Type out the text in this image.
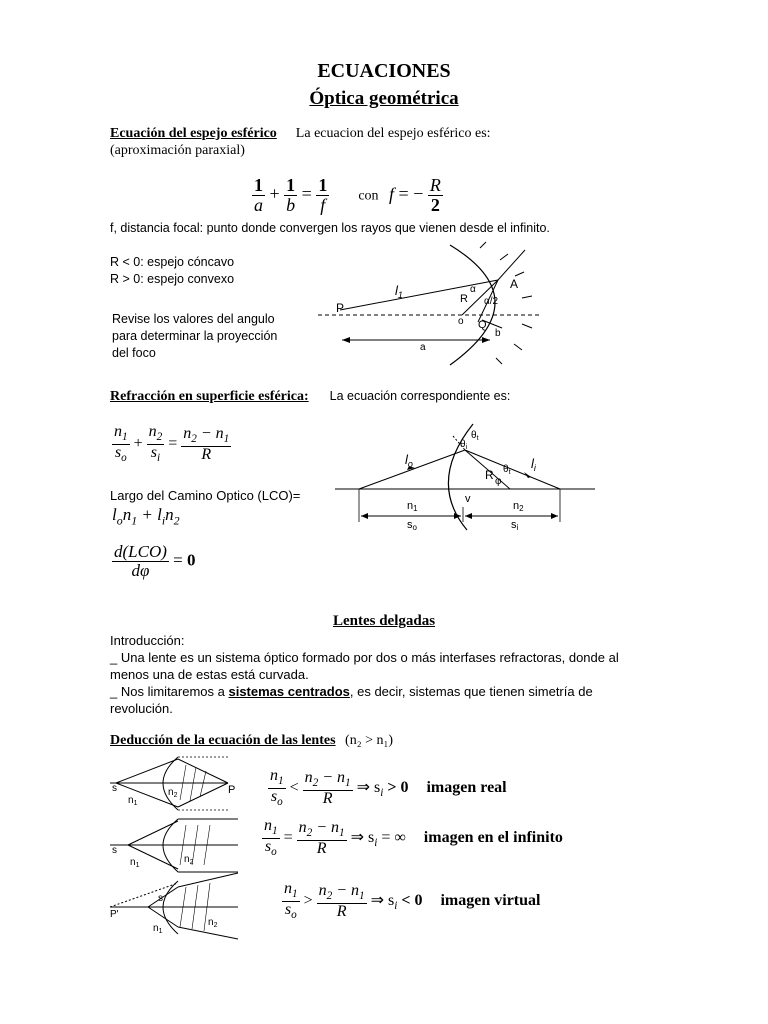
ECUACIONES
Óptica geométrica
Ecuación del espejo esférico La ecuacion del espejo esférico es:
(aproximación paraxial)
$\frac{1}{a} + \frac{1}{b} = \frac{1}{f}$ con f = − $\frac{R}{2}$
f, distancia focal: punto donde convergen los rayos que vienen desde el infinito.
R < 0: espejo cóncavo
R > 0: espejo convexo
Revise los valores del angulo
para determinar la proyección
del foco
P
A
R
o Q
b
a
$l_1$	α
α/2
Refracción en superficie esférica: La ecuación correspondiente es:
$\frac{n_1}{s_o} + \frac{n_2}{s_i} = \frac{n_2 - n_1}{R}$
Largo del Camino Optico (LCO)=
$l_on_1 + l_in_2$
$\frac{\text{d(LCO)}}{d\varphi} = 0$
$l_o$	$l_i$
R φ
$\theta_i$
$\theta_t$
$\theta_t$
v
n1	n2
so	si
Lentes delgadas
Introducción:
_ Una lente es un sistema óptico formado por dos o más interfases refractoras, donde al
menos una de estas está curvada.
_ Nos limitaremos a sistemas centrados, es decir, sistemas que tienen simetría de
revolución.
Deducción de la ecuación de las lentes (n₂ > n₁)
s
$n_1$
$n_2$	P
s
$n_1$
$n_2$
P'
s
$n_1$
$n_2$
$\frac{n_1}{s_o} < \frac{n_2 - n_1}{R}$ ⇒ $s_i > 0$ imagen real
$\frac{n_1}{s_o} = \frac{n_2 - n_1}{R}$ ⇒ $s_i$ = ∞ imagen en el infinito
$\frac{n_1}{s_o} > \frac{n_2 - n_1}{R}$ ⇒ $s_i < 0$ imagen virtual
